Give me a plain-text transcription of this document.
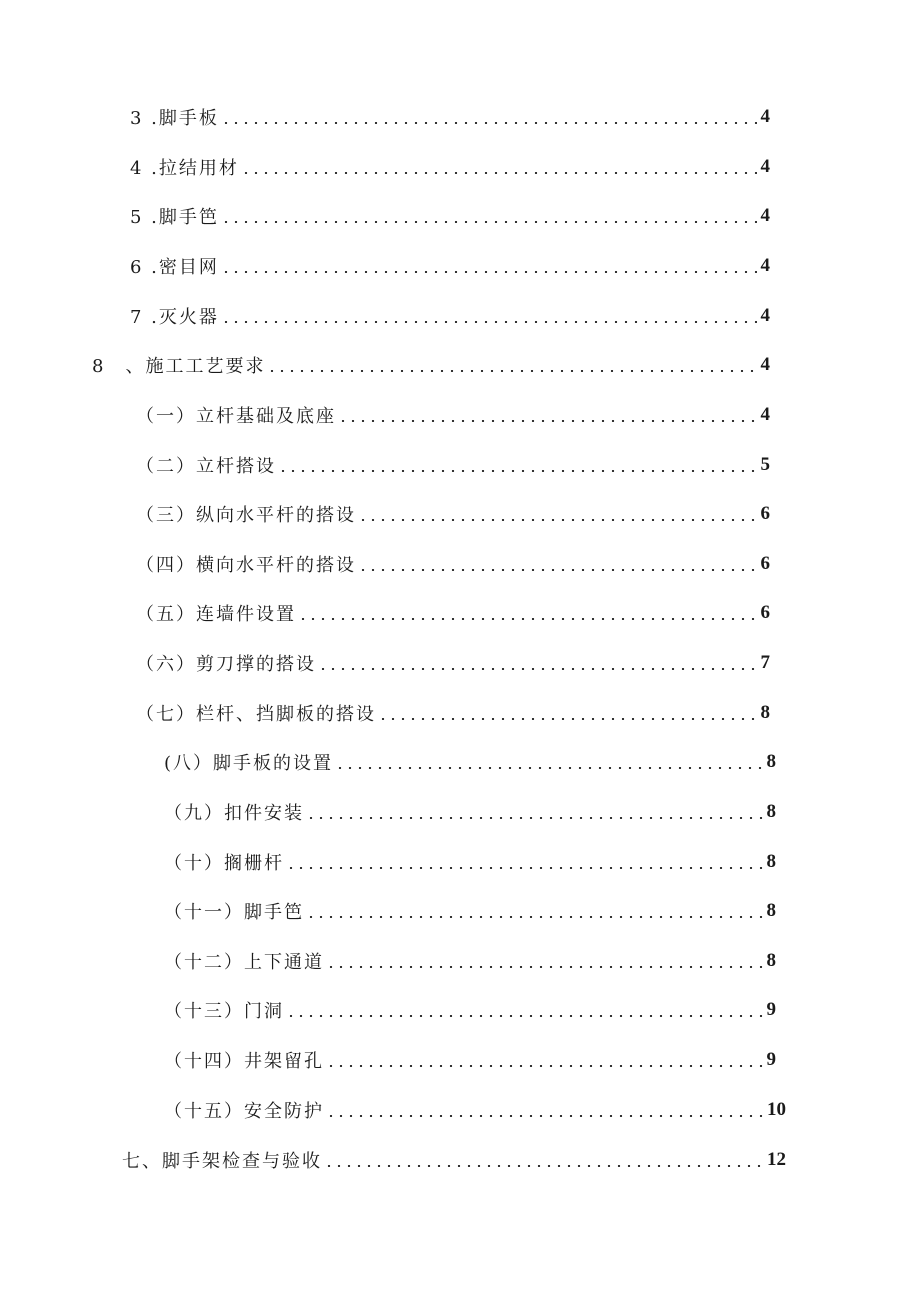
3 .脚手板	4
4 .拉结用材	4
5 .脚手笆	4
6 .密目网	4
7 .灭火器	4
8　、施工工艺要求	4
（一）立杆基础及底座	4
（二）立杆搭设	5
（三）纵向水平杆的搭设	6
（四）横向水平杆的搭设	6
（五）连墙件设置	6
（六）剪刀撑的搭设	7
（七）栏杆、挡脚板的搭设	8
(八）脚手板的设置	8
（九）扣件安装	8
（十）搁栅杆	8
（十一）脚手笆	8
（十二）上下通道	8
（十三）门洞	9
（十四）井架留孔	9
（十五）安全防护	10
七、脚手架检查与验收	12
